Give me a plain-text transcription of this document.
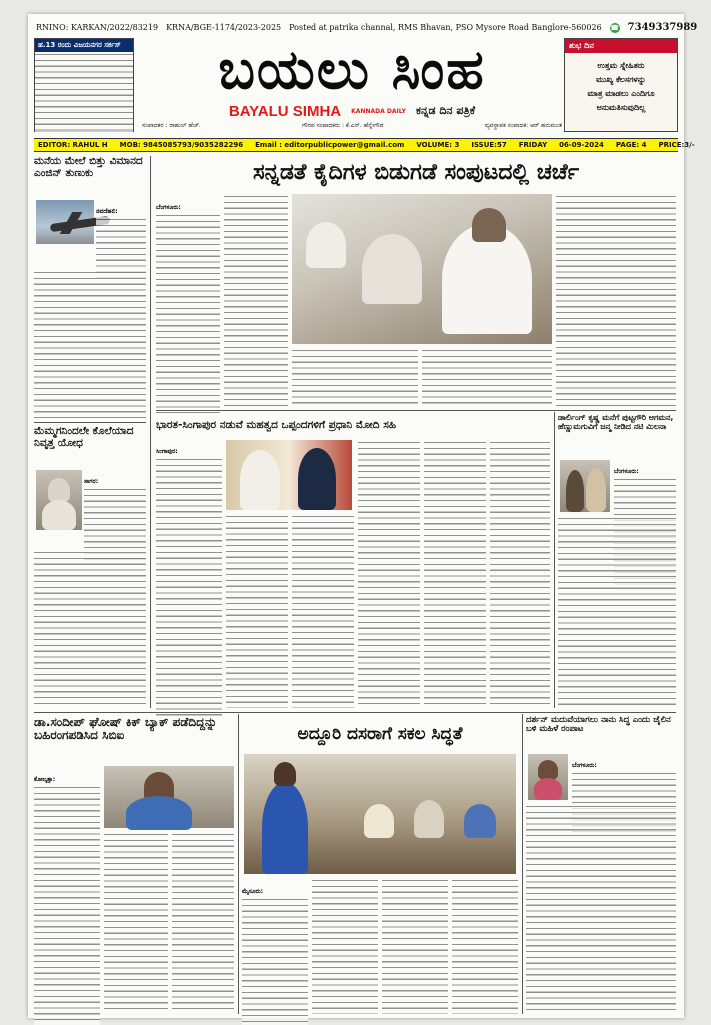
RNINO: KARKAN/2022/83219 KRNA/BGE-1174/2023-2025 Posted at patrika channal, RMS Bhavan, PSO Mysore Road Banglore-560026 ☎ 7349337989
ಹ.13 ರಂದು ವಿಜಯನಗರ ಸರ್ಕಸ್	ಬಯಲು ಸಿಂಹ
BAYALU SIMHA KANNADA DAILY ಕನ್ನಡ ದಿನ ಪತ್ರಿಕೆ
ಸಂಪಾದಕರ : ರಾಹುಲ್ ಹೆಚ್.	ಗೌರವ ಸಂಪಾದಕರು : ಕೆ.ಎನ್. ಹೆನ್ನೇಗೌಡ	ವ್ಯವಸ್ಥಾಪಕ ಸಂಪಾದಕ: ಆರ್ ಹನುಮಂತ
ಶುಭ ದಿನ
ಉತ್ತಮ ಸ್ನೇಹಿತರು
ಮುಖ್ಯ ಕೆಲಸಗಳನ್ನು
ಮಾತ್ರ ಮಾಡಲು ಎಂದಿಗೂ
ಅನುಮತಿಸುವುದಿಲ್ಲ
EDITOR: RAHUL H MOB: 9845085793/9035282296 Email : editorpublicpower@gmail.com VOLUME: 3 ISSUE:57 FRIDAY 06-09-2024 PAGE: 4 PRICE:3/-
ಮನೆಯ ಮೇಲೆ ಬಿತ್ತು ವಿಮಾನದ ಎಂಜಿನ್ ತುಣುಕು
ನವದೆಹಲಿ:
ಮೆಮ್ಮಗನಿಂದಲೇ ಕೊಲೆಯಾದ ನಿವೃತ್ತ ಯೋಧ
ಸಾಗರ:
ಸನ್ನಡತೆ ಕೈದಿಗಳ ಬಿಡುಗಡೆ ಸಂಪುಟದಲ್ಲಿ ಚರ್ಚೆ
ಬೆಂಗಳೂರು:
ಭಾರತ-ಸಿಂಗಾಪುರ ನಡುವೆ ಮಹತ್ವದ ಒಪ್ಪಂದಗಳಿಗೆ ಪ್ರಧಾನಿ ಮೋದಿ ಸಹಿ
ಸಿಂಗಾಪುರ:
ಡಾರ್ಲಿಂಗ್ ಕೃಷ್ಣ ಮನೆಗೆ ಪುಟ್ಟಗೌರಿ ಆಗಮನ, ಹೆಣ್ಣುಮಗುವಿಗೆ ಜನ್ಮ ನೀಡಿದ ನಟಿ ಮಿಲನಾ
ಬೆಂಗಳೂರು:
ಡಾ.ಸಂದೀಪ್ ಘೋಷ್ ಕಿಕ್ ಬ್ಯಾಕ್ ಪಡೆದಿದ್ದನ್ನು ಬಹಿರಂಗಪಡಿಸಿದ ಸಿಬಿಐ
ಕೋಲ್ಕತ್ತಾ:
ಅದ್ದೂರಿ ದಸರಾಗೆ ಸಕಲ ಸಿದ್ಧತೆ
ಮೈಸೂರು:
ದರ್ಶನ್ ಮದುವೆಯಾಗಲು ನಾನು ಸಿದ್ಧ ಎಂದು ಜೈಲಿನ ಬಳಿ ಮಹಿಳೆ ರಂಪಾಟ
ಬೆಂಗಳೂರು:
